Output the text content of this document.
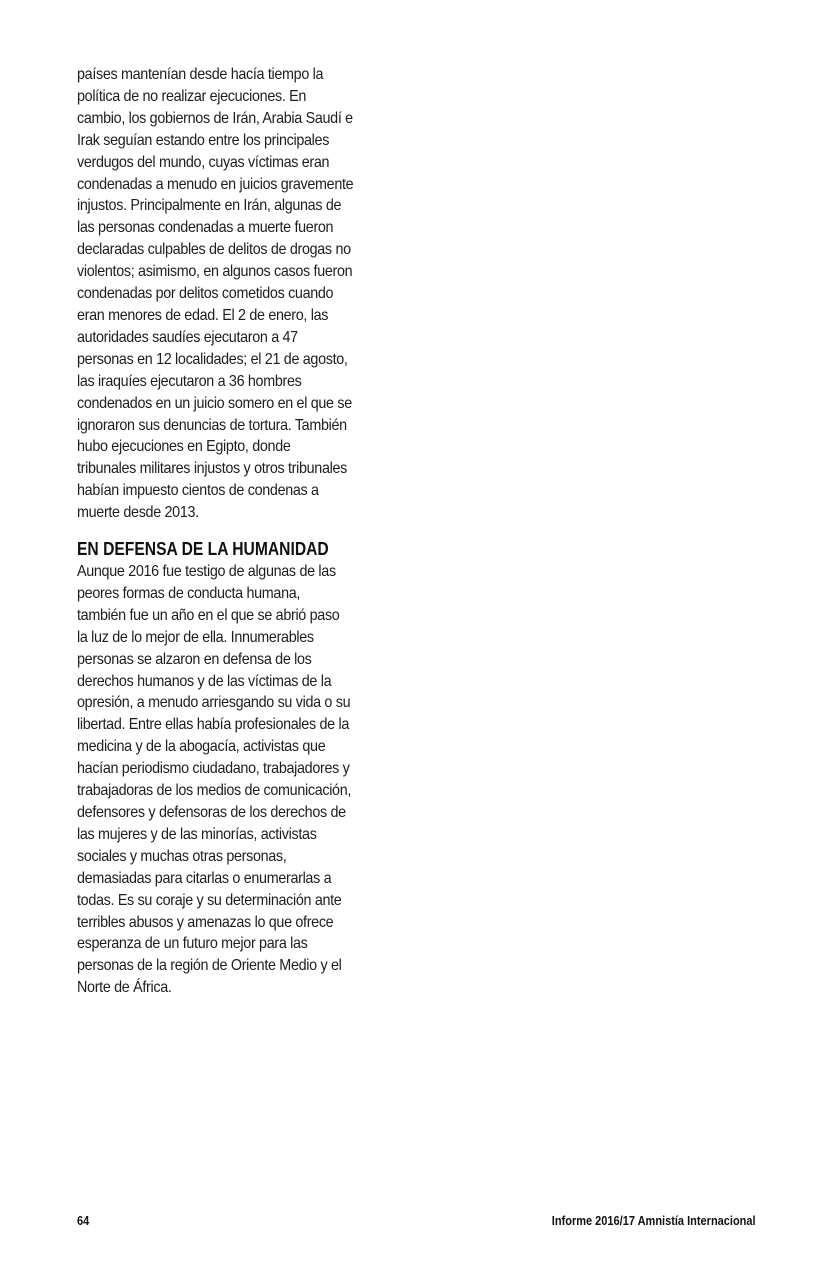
países mantenían desde hacía tiempo la
política de no realizar ejecuciones. En
cambio, los gobiernos de Irán, Arabia Saudí e
Irak seguían estando entre los principales
verdugos del mundo, cuyas víctimas eran
condenadas a menudo en juicios gravemente
injustos. Principalmente en Irán, algunas de
las personas condenadas a muerte fueron
declaradas culpables de delitos de drogas no
violentos; asimismo, en algunos casos fueron
condenadas por delitos cometidos cuando
eran menores de edad. El 2 de enero, las
autoridades saudíes ejecutaron a 47
personas en 12 localidades; el 21 de agosto,
las iraquíes ejecutaron a 36 hombres
condenados en un juicio somero en el que se
ignoraron sus denuncias de tortura. También
hubo ejecuciones en Egipto, donde
tribunales militares injustos y otros tribunales
habían impuesto cientos de condenas a
muerte desde 2013.
EN DEFENSA DE LA HUMANIDAD
Aunque 2016 fue testigo de algunas de las
peores formas de conducta humana,
también fue un año en el que se abrió paso
la luz de lo mejor de ella. Innumerables
personas se alzaron en defensa de los
derechos humanos y de las víctimas de la
opresión, a menudo arriesgando su vida o su
libertad. Entre ellas había profesionales de la
medicina y de la abogacía, activistas que
hacían periodismo ciudadano, trabajadores y
trabajadoras de los medios de comunicación,
defensores y defensoras de los derechos de
las mujeres y de las minorías, activistas
sociales y muchas otras personas,
demasiadas para citarlas o enumerarlas a
todas. Es su coraje y su determinación ante
terribles abusos y amenazas lo que ofrece
esperanza de un futuro mejor para las
personas de la región de Oriente Medio y el
Norte de África.
64	Informe 2016/17 Amnistía Internacional
